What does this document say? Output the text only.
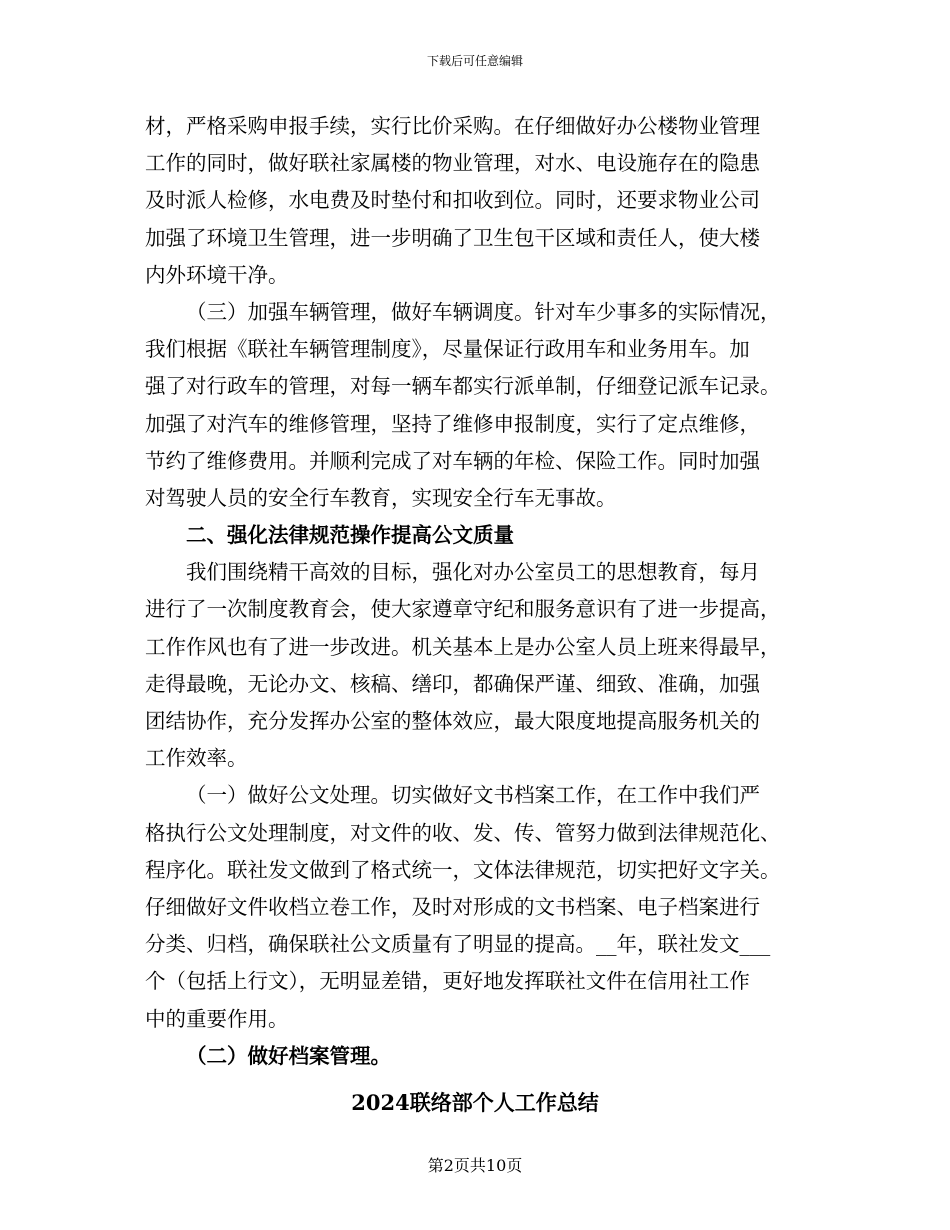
下载后可任意编辑
材，严格采购申报手续，实行比价采购。在仔细做好办公楼物业管理
工作的同时，做好联社家属楼的物业管理，对水、电设施存在的隐患
及时派人检修，水电费及时垫付和扣收到位。同时，还要求物业公司
加强了环境卫生管理，进一步明确了卫生包干区域和责任人，使大楼
内外环境干净。
（三）加强车辆管理，做好车辆调度。针对车少事多的实际情况，
我们根据《联社车辆管理制度》，尽量保证行政用车和业务用车。加
强了对行政车的管理，对每一辆车都实行派单制，仔细登记派车记录。
加强了对汽车的维修管理，坚持了维修申报制度，实行了定点维修，
节约了维修费用。并顺利完成了对车辆的年检、保险工作。同时加强
对驾驶人员的安全行车教育，实现安全行车无事故。
二、强化法律规范操作提高公文质量
我们围绕精干高效的目标，强化对办公室员工的思想教育，每月
进行了一次制度教育会，使大家遵章守纪和服务意识有了进一步提高，
工作作风也有了进一步改进。机关基本上是办公室人员上班来得最早，
走得最晚，无论办文、核稿、缮印，都确保严谨、细致、准确，加强
团结协作，充分发挥办公室的整体效应，最大限度地提高服务机关的
工作效率。
（一）做好公文处理。切实做好文书档案工作，在工作中我们严
格执行公文处理制度，对文件的收、发、传、管努力做到法律规范化、
程序化。联社发文做到了格式统一，文体法律规范，切实把好文字关。
仔细做好文件收档立卷工作，及时对形成的文书档案、电子档案进行
分类、归档，确保联社公文质量有了明显的提高。__年，联社发文___
个（包括上行文），无明显差错，更好地发挥联社文件在信用社工作
中的重要作用。
（二）做好档案管理。
2024联络部个人工作总结
第2页共10页
